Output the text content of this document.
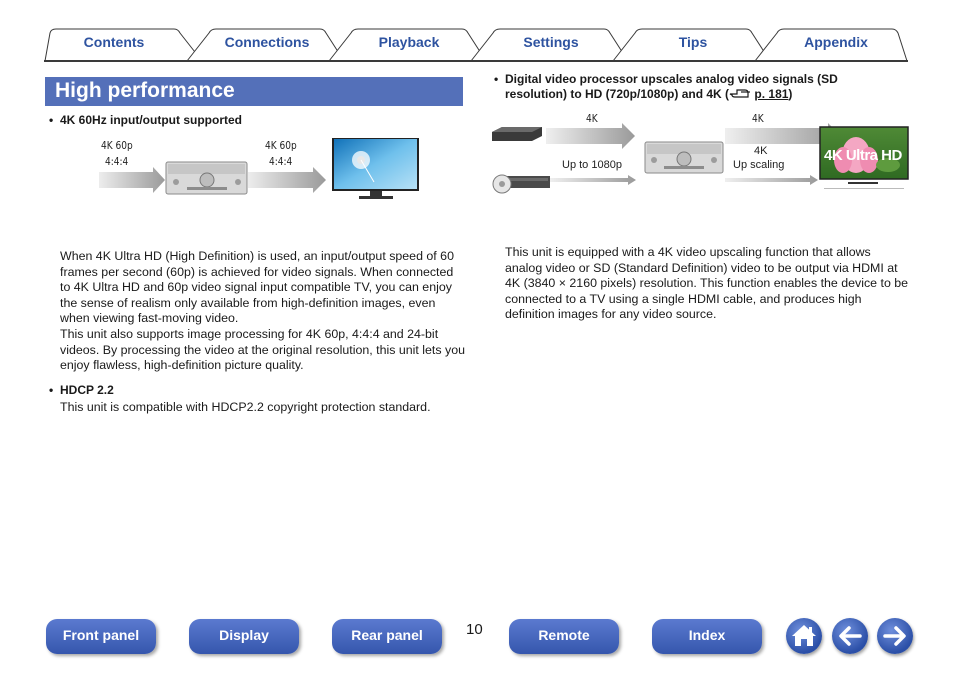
Contents	Connections	Playback	Settings	Tips	Appendix
High performance
• 4K 60Hz input/output supported
4K 60p
4:4:4
4K 60p
4:4:4
When 4K Ultra HD (High Definition) is used, an input/output speed of 60 frames per second (60p) is achieved for video signals. When connected to 4K Ultra HD and 60p video signal input compatible TV, you can enjoy the sense of realism only available from high-definition images, even when viewing fast-moving video.
This unit also supports image processing for 4K 60p, 4:4:4 and 24-bit videos. By processing the video at the original resolution, this unit lets you enjoy flawless, high-definition picture quality.
• HDCP 2.2
This unit is compatible with HDCP2.2 copyright protection standard.
• Digital video processor upscales analog video signals (SD resolution) to HD (720p/1080p) and 4K ( p. 181)
4K
Up to 1080p
4K
4K
Up scaling
4K Ultra HD
This unit is equipped with a 4K video upscaling function that allows analog video or SD (Standard Definition) video to be output via HDMI at 4K (3840 × 2160 pixels) resolution. This function enables the device to be connected to a TV using a single HDMI cable, and produces high definition images for any video source.
Front panel	Display	Rear panel	10	Remote	Index
